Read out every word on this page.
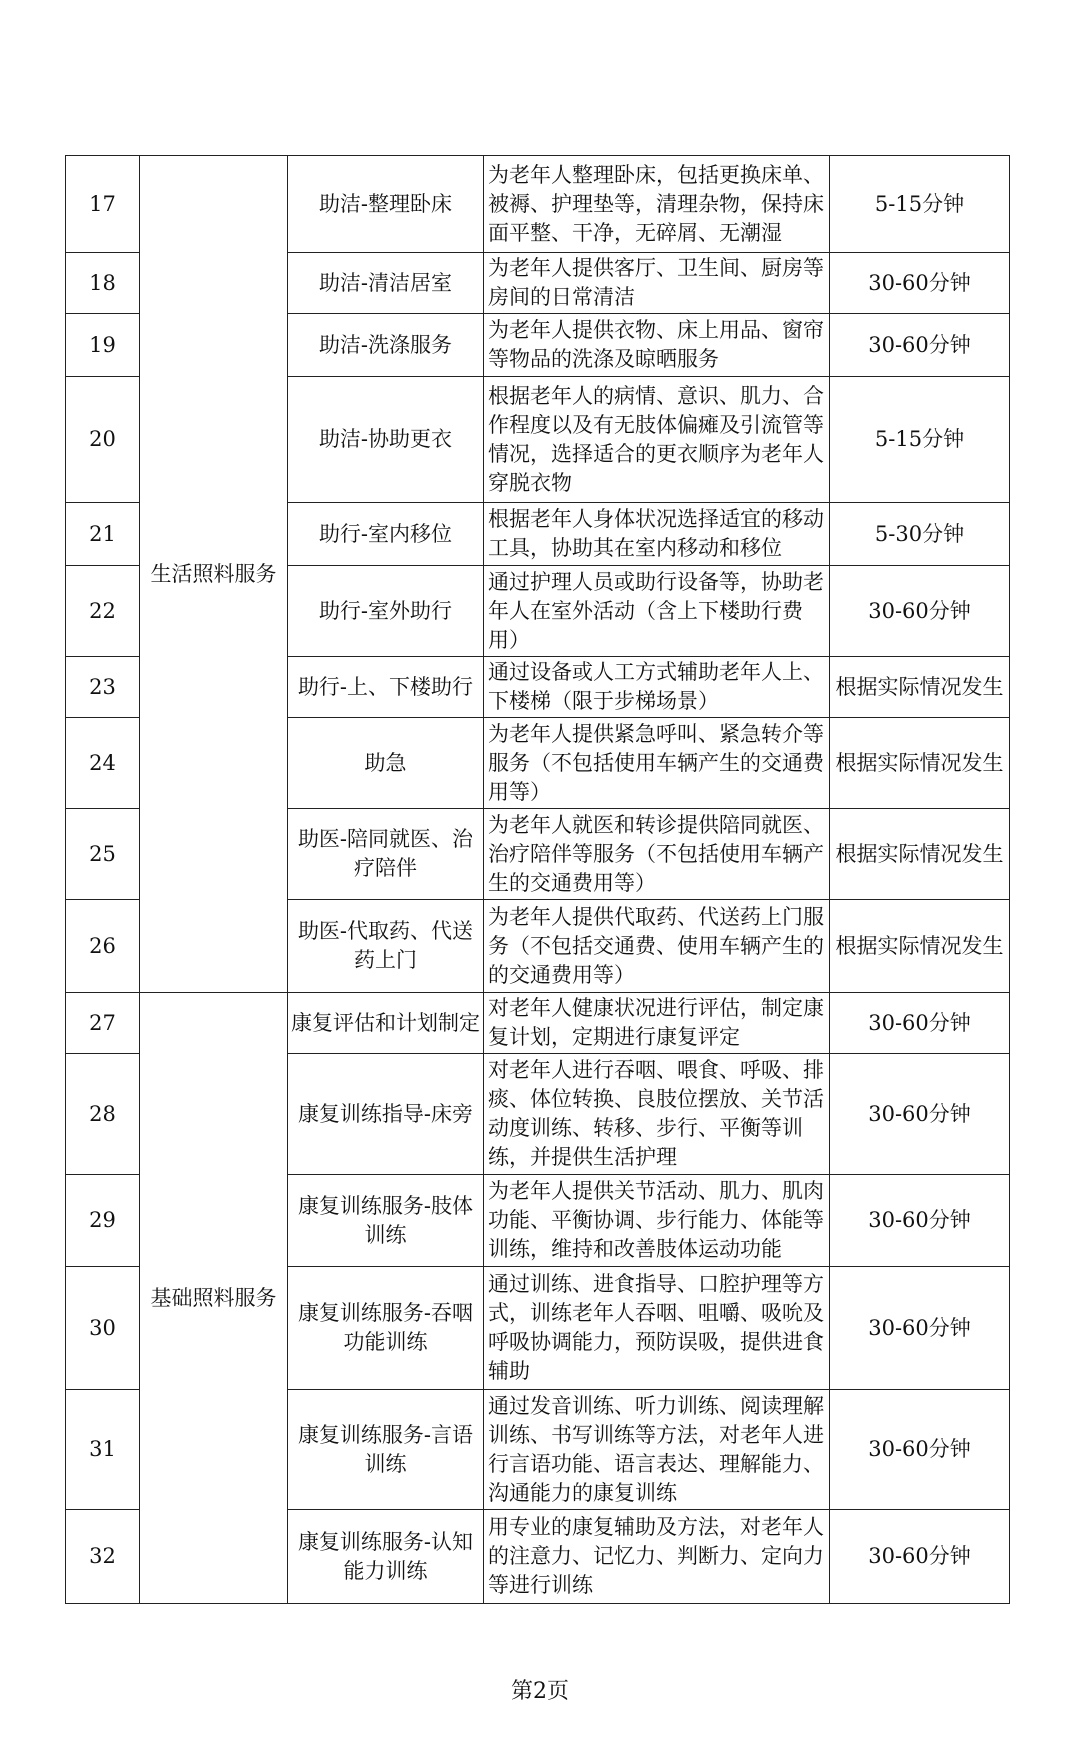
17	生活照料服务	助洁-整理卧床	为老年人整理卧床，包括更换床单、被褥、护理垫等，清理杂物，保持床面平整、干净，无碎屑、无潮湿	5-15分钟
18		助洁-清洁居室	为老年人提供客厅、卫生间、厨房等房间的日常清洁	30-60分钟
19		助洁-洗涤服务	为老年人提供衣物、床上用品、窗帘等物品的洗涤及晾晒服务	30-60分钟
20		助洁-协助更衣	根据老年人的病情、意识、肌力、合作程度以及有无肢体偏瘫及引流管等情况，选择适合的更衣顺序为老年人穿脱衣物	5-15分钟
21		助行-室内移位	根据老年人身体状况选择适宜的移动工具，协助其在室内移动和移位	5-30分钟
22		助行-室外助行	通过护理人员或助行设备等，协助老年人在室外活动（含上下楼助行费用）	30-60分钟
23		助行-上、下楼助行	通过设备或人工方式辅助老年人上、下楼梯（限于步梯场景）	根据实际情况发生
24		助急	为老年人提供紧急呼叫、紧急转介等服务（不包括使用车辆产生的交通费用等）	根据实际情况发生
25		助医-陪同就医、治疗陪伴	为老年人就医和转诊提供陪同就医、治疗陪伴等服务（不包括使用车辆产生的交通费用等）	根据实际情况发生
26		助医-代取药、代送药上门	为老年人提供代取药、代送药上门服务（不包括交通费、使用车辆产生的的交通费用等）	根据实际情况发生
27	基础照料服务	康复评估和计划制定	对老年人健康状况进行评估，制定康复计划，定期进行康复评定	30-60分钟
28		康复训练指导-床旁	对老年人进行吞咽、喂食、呼吸、排痰、体位转换、良肢位摆放、关节活动度训练、转移、步行、平衡等训练，并提供生活护理	30-60分钟
29		康复训练服务-肢体训练	为老年人提供关节活动、肌力、肌肉功能、平衡协调、步行能力、体能等训练，维持和改善肢体运动功能	30-60分钟
30		康复训练服务-吞咽功能训练	通过训练、进食指导、口腔护理等方式，训练老年人吞咽、咀嚼、吸吮及呼吸协调能力，预防误吸，提供进食辅助	30-60分钟
31		康复训练服务-言语训练	通过发音训练、听力训练、阅读理解训练、书写训练等方法，对老年人进行言语功能、语言表达、理解能力、沟通能力的康复训练	30-60分钟
32		康复训练服务-认知能力训练	用专业的康复辅助及方法，对老年人的注意力、记忆力、判断力、定向力等进行训练	30-60分钟
第2页
